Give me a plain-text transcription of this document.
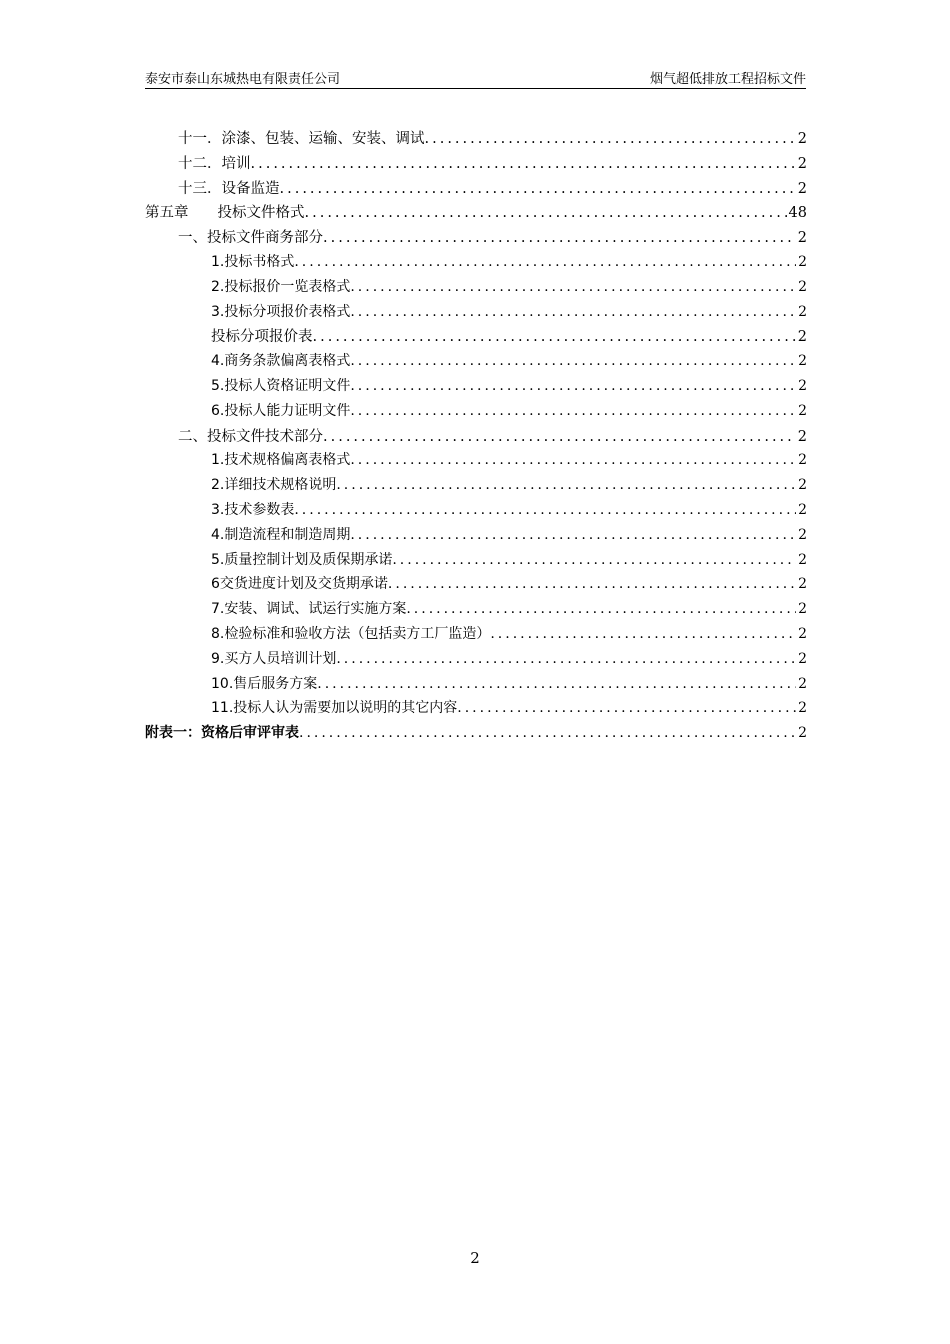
泰安市泰山东城热电有限责任公司	烟气超低排放工程招标文件
十一．涂漆、包装、运输、安装、调试 .....	2
十二．培训 .....	2
十三．设备监造 .....	2
第五章　　投标文件格式 .....	48
一、投标文件商务部分 .....	2
1.投标书格式 .....	2
2.投标报价一览表格式 .....	2
3.投标分项报价表格式 .....	2
投标分项报价表 .....	2
4.商务条款偏离表格式 .....	2
5.投标人资格证明文件 .....	2
6.投标人能力证明文件 .....	2
二、投标文件技术部分 .....	2
1.技术规格偏离表格式 .....	2
2.详细技术规格说明 .....	2
3.技术参数表 .....	2
4.制造流程和制造周期 .....	2
5.质量控制计划及质保期承诺 .....	2
6交货进度计划及交货期承诺 .....	2
7.安装、调试、试运行实施方案 .....	2
8.检验标准和验收方法（包括卖方工厂监造） .....	2
9.买方人员培训计划 .....	2
10.售后服务方案 .....	2
11.投标人认为需要加以说明的其它内容 .....	2
附表一：资格后审评审表 .....	2
2
